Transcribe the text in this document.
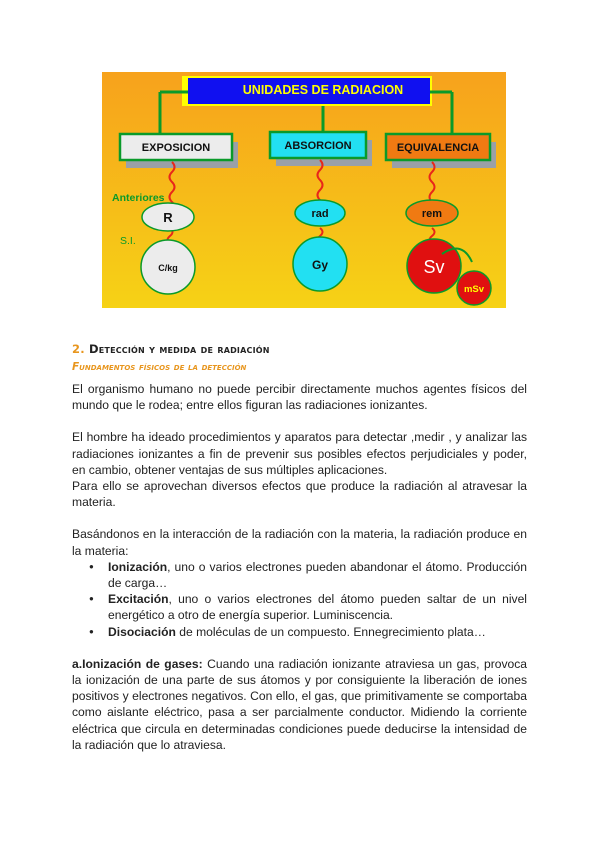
UNIDADES DE RADIACION
EXPOSICION	ABSORCION	EQUIVALENCIA
Anteriores
S.I.
R	rad	rem
C/kg	Gy	Sv
mSv
2. Detección y medida de radiación
Fundamentos físicos de la detección

El organismo humano no puede percibir directamente muchos agentes físicos del mundo que le rodea; entre ellos figuran las radiaciones ionizantes.

El hombre ha ideado procedimientos y aparatos para detectar ,medir , y analizar las radiaciones ionizantes a fin de prevenir sus posibles efectos perjudiciales y poder, en cambio, obtener ventajas de sus múltiples aplicaciones.

Para ello se aprovechan diversos efectos que produce la radiación al atravesar la materia.

Basándonos en la interacción de la radiación con la materia, la radiación produce en la materia:

● Ionización, uno o varios electrones pueden abandonar el átomo. Producción de carga…
● Excitación, uno o varios electrones del átomo pueden saltar de un nivel energético a otro de energía superior. Luminiscencia.
● Disociación de moléculas de un compuesto. Ennegrecimiento plata…

a.Ionización de gases: Cuando una radiación ionizante atraviesa un gas, provoca la ionización de una parte de sus átomos y por consiguiente la liberación de iones positivos y electrones negativos. Con ello, el gas, que primitivamente se comportaba como aislante eléctrico, pasa a ser parcialmente conductor. Midiendo la corriente eléctrica que circula en determinadas condiciones puede deducirse la intensidad de la radiación que lo atraviesa.
